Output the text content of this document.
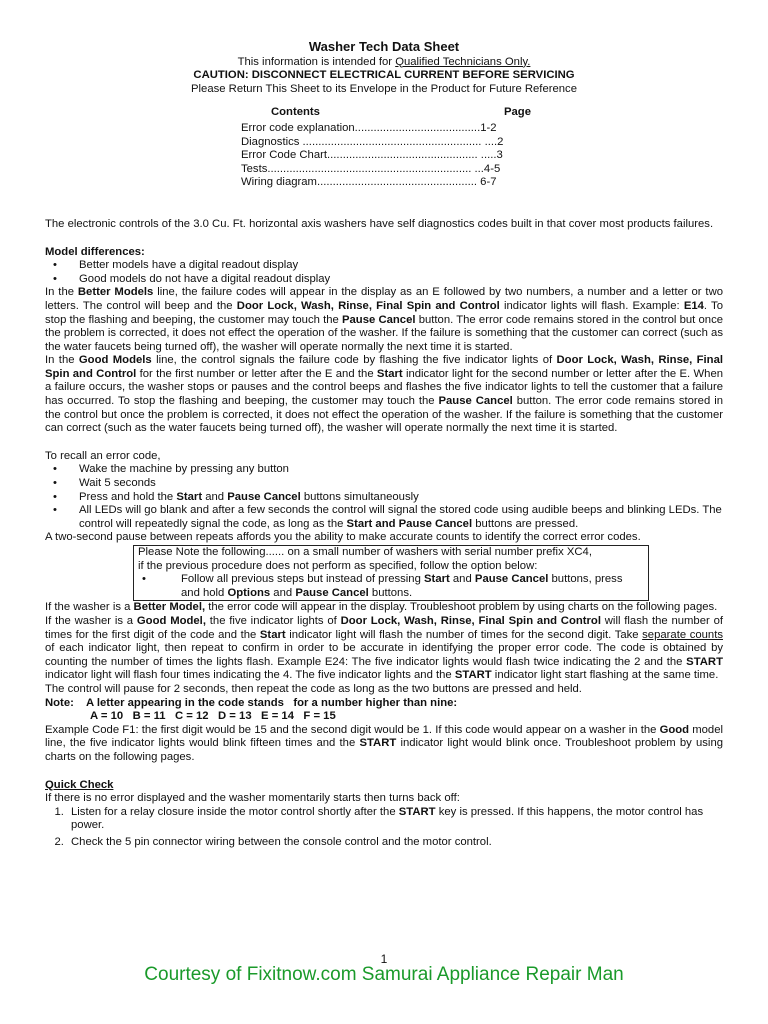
Washer Tech Data Sheet
This information is intended for Qualified Technicians Only.
CAUTION: DISCONNECT ELECTRICAL CURRENT BEFORE SERVICING
Please Return This Sheet to its Envelope in the Product for Future Reference
Contents	Page
Error code explanation........................................1-2
Diagnostics ......................................................... ....2
Error Code Chart................................................ .....3
Tests................................................................. ...4-5
Wiring diagram................................................... 6-7

The electronic controls of the 3.0 Cu. Ft. horizontal axis washers have self diagnostics codes built in that cover most products failures.

Model differences:
• Better models have a digital readout display
• Good models do not have a digital readout display

In the Better Models line, the failure codes will appear in the display as an E followed by two numbers, a number and a letter or two letters. The control will beep and the Door Lock, Wash, Rinse, Final Spin and Control indicator lights will flash. Example: E14. To stop the flashing and beeping, the customer may touch the Pause Cancel button. The error code remains stored in the control but once the problem is corrected, it does not effect the operation of the washer. If the failure is something that the customer can correct (such as the water faucets being turned off), the washer will operate normally the next time it is started.

In the Good Models line, the control signals the failure code by flashing the five indicator lights of Door Lock, Wash, Rinse, Final Spin and Control for the first number or letter after the E and the Start indicator light for the second number or letter after the E. When a failure occurs, the washer stops or pauses and the control beeps and flashes the five indicator lights to tell the customer that a failure has occurred. To stop the flashing and beeping, the customer may touch the Pause Cancel button. The error code remains stored in the control but once the problem is corrected, it does not effect the operation of the washer. If the failure is something that the customer can correct (such as the water faucets being turned off), the washer will operate normally the next time it is started.

To recall an error code,
• Wake the machine by pressing any button
• Wait 5 seconds
• Press and hold the Start and Pause Cancel buttons simultaneously
• All LEDs will go blank and after a few seconds the control will signal the stored code using audible beeps and blinking LEDs. The control will repeatedly signal the code, as long as the Start and Pause Cancel buttons are pressed.
A two-second pause between repeats affords you the ability to make accurate counts to identify the correct error codes.
Please Note the following...... on a small number of washers with serial number prefix XC4,
if the previous procedure does not perform as specified, follow the option below:
• Follow all previous steps but instead of pressing Start and Pause Cancel buttons, press and hold Options and Pause Cancel buttons.

If the washer is a Better Model, the error code will appear in the display. Troubleshoot problem by using charts on the following pages.

If the washer is a Good Model, the five indicator lights of Door Lock, Wash, Rinse, Final Spin and Control will flash the number of times for the first digit of the code and the Start indicator light will flash the number of times for the second digit. Take separate counts of each indicator light, then repeat to confirm in order to be accurate in identifying the proper error code. The code is obtained by counting the number of times the lights flash. Example E24: The five indicator lights would flash twice indicating the 2 and the START indicator light will flash four times indicating the 4. The five indicator lights and the START indicator light start flashing at the same time.

The control will pause for 2 seconds, then repeat the code as long as the two buttons are pressed and held.

Note:    A letter appearing in the code stands   for a number higher than nine:
A = 10   B = 11   C = 12   D = 13   E = 14   F = 15

Example Code F1: the first digit would be 15 and the second digit would be 1. If this code would appear on a washer in the Good model line, the five indicator lights would blink fifteen times and the START indicator light would blink once. Troubleshoot problem by using charts on the following pages.

Quick Check
If there is no error displayed and the washer momentarily starts then turns back off:
1. Listen for a relay closure inside the motor control shortly after the START key is pressed. If this happens, the motor control has power.
2. Check the 5 pin connector wiring between the console control and the motor control.
1
Courtesy of Fixitnow.com Samurai Appliance Repair Man
